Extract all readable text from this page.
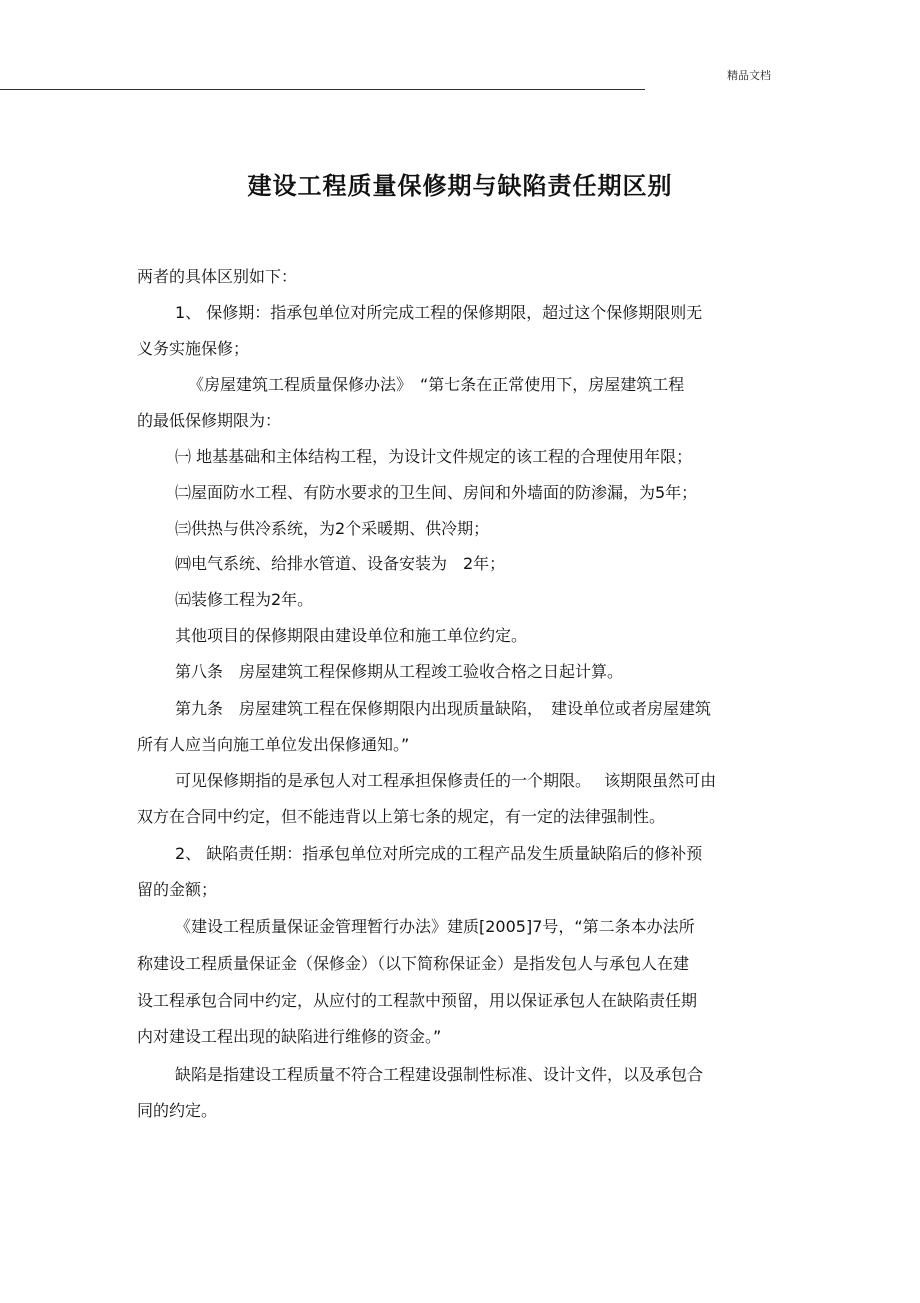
精品文档
建设工程质量保修期与缺陷责任期区别
两者的具体区别如下：
1、 保修期：指承包单位对所完成工程的保修期限，超过这个保修期限则无
义务实施保修；
《房屋建筑工程质量保修办法》　“第七条在正常使用下，房屋建筑工程
的最低保修期限为：
㈠ 地基基础和主体结构工程，为设计文件规定的该工程的合理使用年限；
㈡屋面防水工程、有防水要求的卫生间、房间和外墙面的防渗漏，为5年；
㈢供热与供冷系统，为2个采暖期、供冷期；
㈣电气系统、给排水管道、设备安装为　2年；
㈤装修工程为2年。
其他项目的保修期限由建设单位和施工单位约定。
第八条　房屋建筑工程保修期从工程竣工验收合格之日起计算。
第九条　房屋建筑工程在保修期限内出现质量缺陷，　建设单位或者房屋建筑
所有人应当向施工单位发出保修通知。”
可见保修期指的是承包人对工程承担保修责任的一个期限。　 该期限虽然可由
双方在合同中约定，但不能违背以上第七条的规定，有一定的法律强制性。
2、 缺陷责任期：指承包单位对所完成的工程产品发生质量缺陷后的修补预
留的金额；
《建设工程质量保证金管理暂行办法》建质[2005]7号，“第二条本办法所
称建设工程质量保证金（保修金）（以下简称保证金）是指发包人与承包人在建
设工程承包合同中约定，从应付的工程款中预留，用以保证承包人在缺陷责任期
内对建设工程出现的缺陷进行维修的资金。”
缺陷是指建设工程质量不符合工程建设强制性标准、设计文件，以及承包合
同的约定。
